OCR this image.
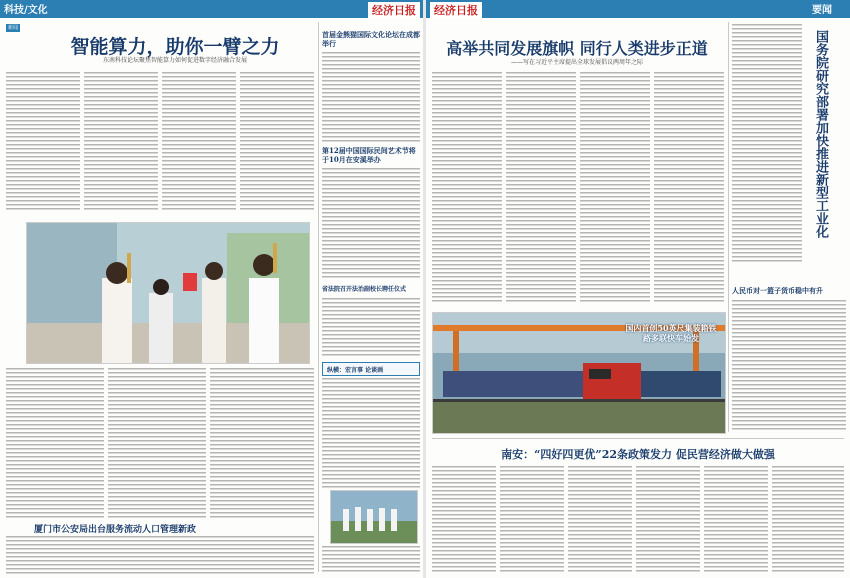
科技/文化	经济日报
新闻
智能算力，助你一臂之力
东南科技论坛聚焦智能算力如何促进数字经济融合发展
首届金熊猫国际文化论坛在成都举行
第12届中国国际民间艺术节将于10月在安溪举办
省法院召开法治副校长聘任仪式
纵横：宏言事 论谈画
厦门市公安局出台服务流动人口管理新政
要闻
经济日报
高举共同发展旗帜 同行人类进步正道
——写在习近平主席提出全球发展倡议两周年之际	国务院研究部署加快推进新型工业化
人民币对一篮子货币稳中有升
国内首创50英尺集装箱铁路多联快车始发
南安：“四好四更优”22条政策发力 促民营经济做大做强
